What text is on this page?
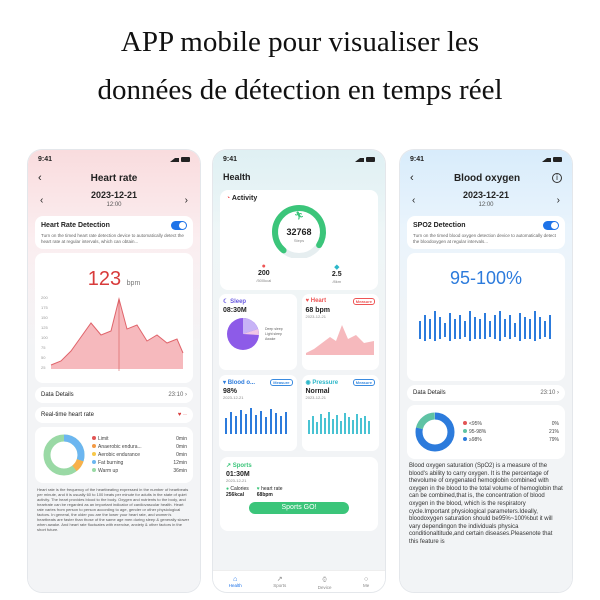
APP mobile pour visualiser les
données de détection en temps réel
9:41
‹	Heart rate
‹	2023-12-21
12:00	›
Heart Rate Detection
Turn on the timed heart rate detection device to automatically detect the heart rate at regular intervals, which can obtain...
123 bpm
200
175
150
125
100
75
50
25
Data Details	23:10 ›
Real-time heart rate	♥ ··
Limit	0min
Anaerobic endura...	0min
Aerobic endurance	0min
Fat burning	12min
Warm up	36min
Heart rate is the frequency of the heartbeating expressed in the number of heartbeats per minute, and it is usually 60 to 100 beats per minute for adults in the state of quiet activity. The heart provides blood to the body. Oxygen and nutrients to the body, and heartrate can be regarded as an important indicator of cardiovascular health. Heart rate varies from person to person according to age, gender or other physiological factors. In general, the older you are the lower your heart rate, and women's heartbeats are faster than those of the same age men during sleep & generally slower when awake. And heart rate fluctuates with exercise, anxiety & other factors in the short future.
9:41
Health
◔ Activity
🏃︎
32768
Steps
●
200
/500kcal
◆
2.5
/8km
☾ Sleep
08:30M
Deep sleep
Light sleep
Awake
♥ Heart	Measure
68 bpm
2023-12-21
▾ Blood o...	Measure
98%
2023-12-21
◉ Pressure	Measure
Normal
2023-12-21
↗ Sports
01:30M
2023-12-21
● Calories
256kcal
♥ heart rate
68bpm
Sports GO!
⌂
Health
↗
Sports
⌚︎
Device
○
Me
9:41
‹	Blood oxygen	i
‹	2023-12-21
12:00	›
SPO2 Detection
Turn on the timed blood oxygen detection device to automatically detect the bloodoxygen at regular intervals...
95-100%
Data Details	23:10 ›
<95%	0%
95-98%	21%
≥98%	79%
Blood oxygen saturation (SpO2) is a measure of the blood's ability to carry oxygen. It is the percentage of thevolume of oxygenated hemoglobin combined with oxygen in the blood to the total volume of hemoglobin that can be combined,that is, the concentration of blood oxygen in the blood, which is the respiratory cycle.Important physiological parameters.Ideally, bloodoxygen saturation should be95%~100%but it will vary dependingon the individuals physica conditionaltitude,and certain diseases.Pleasenote that this feature is
